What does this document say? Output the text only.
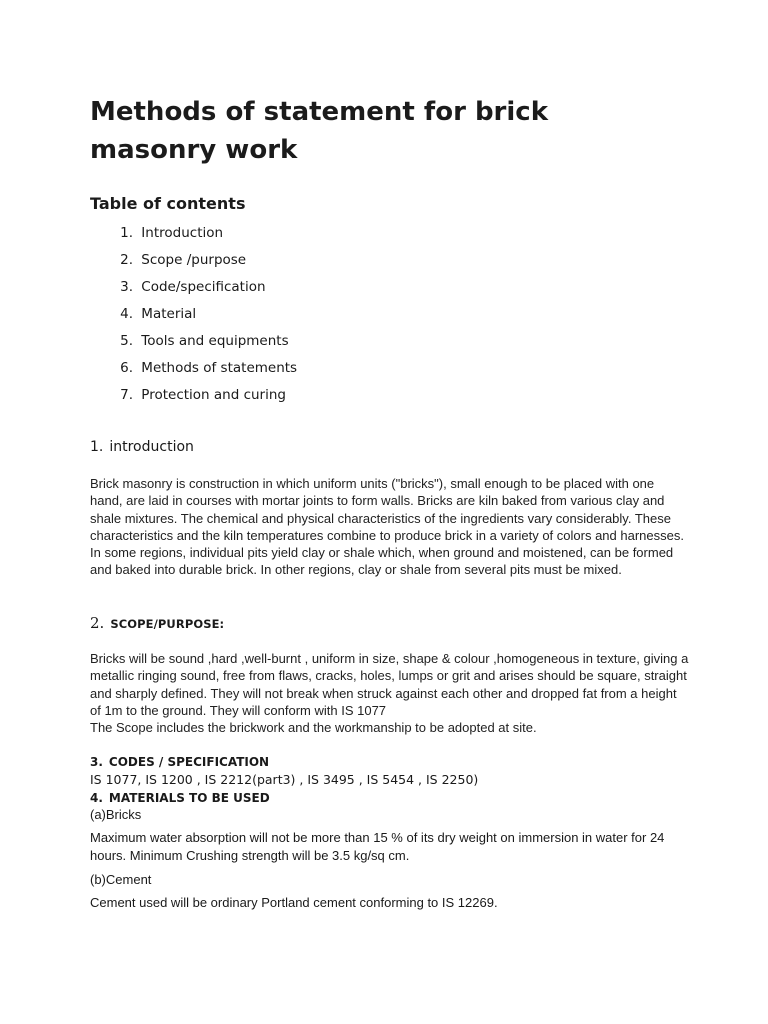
Methods of statement for brick masonry work
Table of contents
1. Introduction
2. Scope /purpose
3. Code/specification
4. Material
5. Tools and equipments
6. Methods of statements
7. Protection and curing
1. introduction

Brick masonry is construction in which uniform units ("bricks"), small enough to be placed with one hand, are laid in courses with mortar joints to form walls. Bricks are kiln baked from various clay and shale mixtures. The chemical and physical characteristics of the ingredients vary considerably. These characteristics and the kiln temperatures combine to produce brick in a variety of colors and harnesses. In some regions, individual pits yield clay or shale which, when ground and moistened, can be formed and baked into durable brick. In other regions, clay or shale from several pits must be mixed.

2. SCOPE/PURPOSE:
Bricks will be sound ,hard ,well-burnt , uniform in size, shape & colour ,homogeneous in texture, giving a metallic ringing sound, free from flaws, cracks, holes, lumps or grit and arises should be square, straight and sharply defined. They will not break when struck against each other and dropped fat from a height of 1m to the ground. They will conform with IS 1077
The Scope includes the brickwork and the workmanship to be adopted at site.
3. CODES / SPECIFICATION
IS 1077, IS 1200 , IS 2212(part3) , IS 3495 , IS 5454 , IS 2250)
4. MATERIALS TO BE USED
(a)Bricks

Maximum water absorption will not be more than 15 % of its dry weight on immersion in water for 24 hours. Minimum Crushing strength will be 3.5 kg/sq cm.

(b)Cement

Cement used will be ordinary Portland cement conforming to IS 12269.
